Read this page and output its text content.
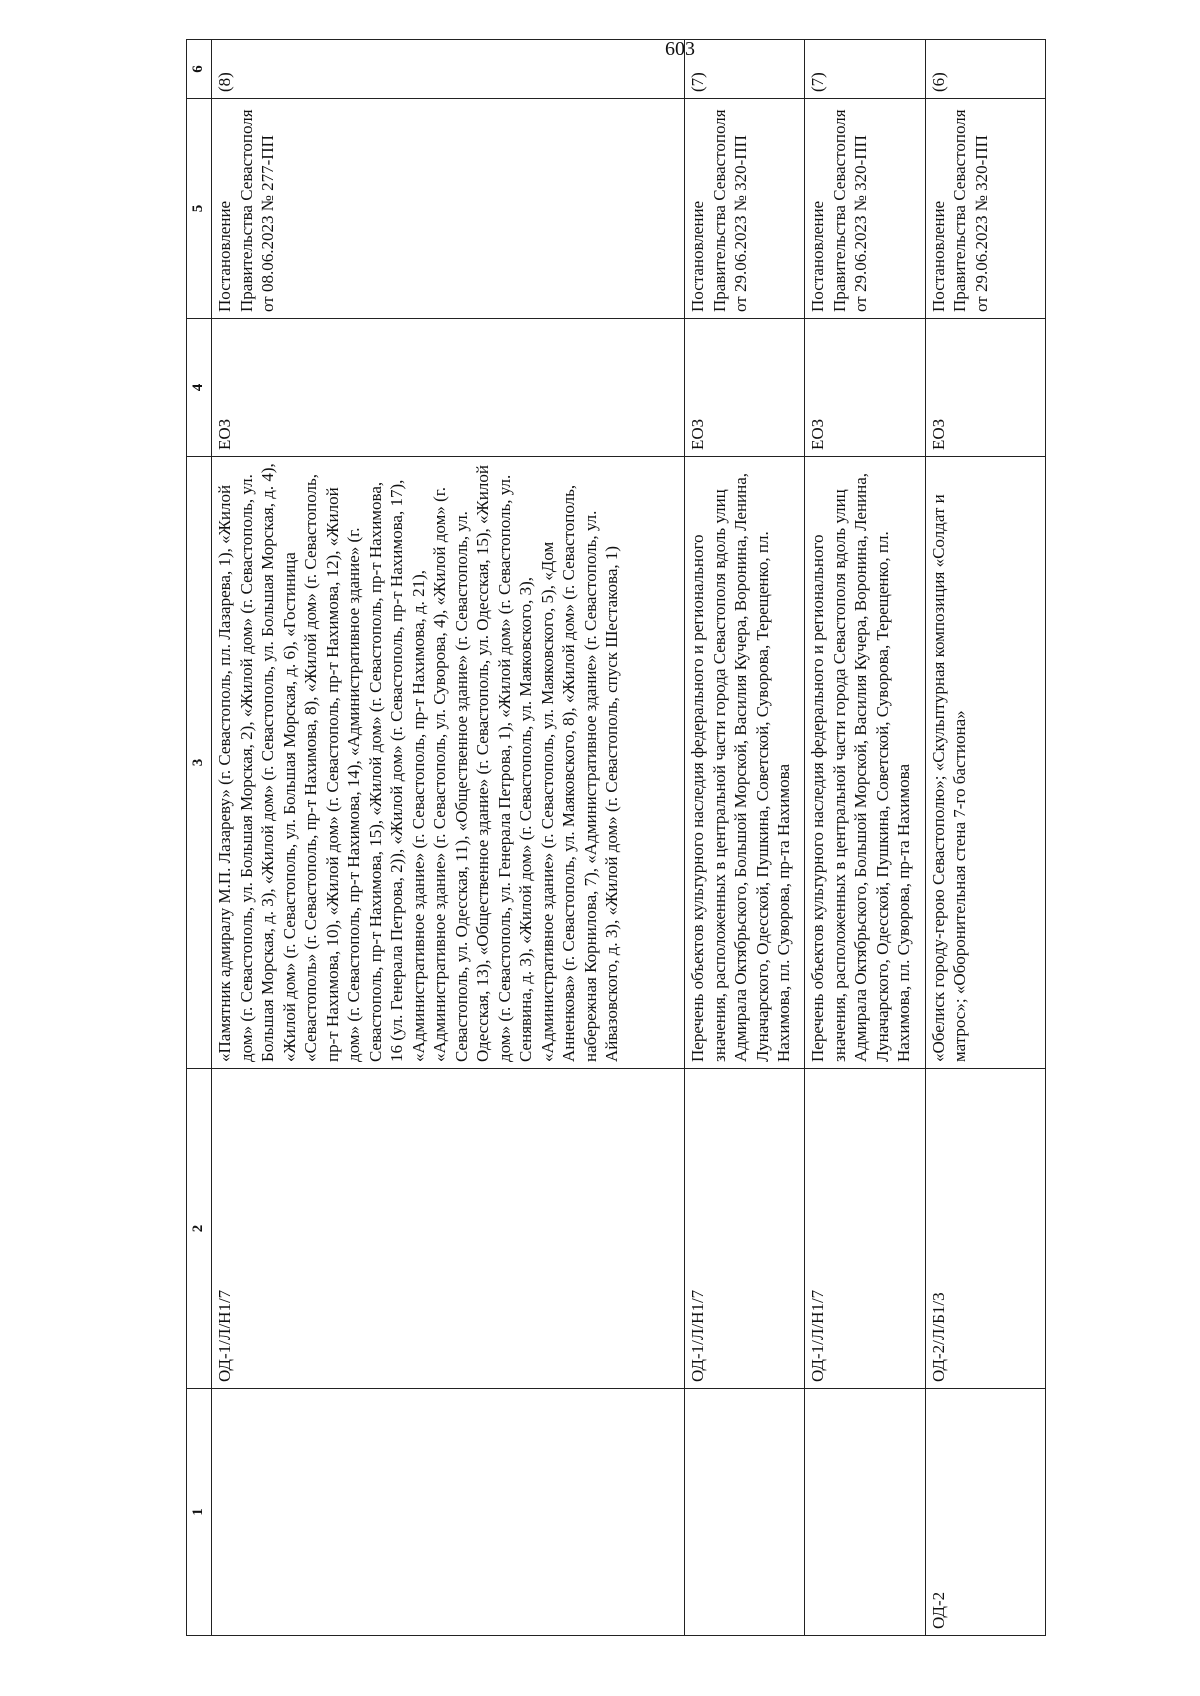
603
1	2	3	4	5	6
	ОД-1/Л/Н1/7	«Памятник адмиралу М.П. Лазареву» (г. Севастополь, пл. Лазарева, 1), «Жилой дом» (г. Севастополь, ул. Большая Морская, 2), «Жилой дом» (г. Севастополь, ул. Большая Морская, д. 3), «Жилой дом» (г. Севастополь, ул. Большая Морская, д. 4), «Жилой дом» (г. Севастополь, ул. Большая Морская, д. 6), «Гостиница «Севастополь» (г. Севастополь, пр-т Нахимова, 8), «Жилой дом» (г. Севастополь, пр-т Нахимова, 10), «Жилой дом» (г. Севастополь, пр-т Нахимова, 12), «Жилой дом» (г. Севастополь, пр-т Нахимова, 14), «Административное здание» (г. Севастополь, пр-т Нахимова, 15), «Жилой дом» (г. Севастополь, пр-т Нахимова, 16 (ул. Генерала Петрова, 2)), «Жилой дом» (г. Севастополь, пр-т Нахимова, 17), «Административное здание» (г. Севастополь, пр-т Нахимова, д. 21), «Административное здание» (г. Севастополь, ул. Суворова, 4), «Жилой дом» (г. Севастополь, ул. Одесская, 11), «Общественное здание» (г. Севастополь, ул. Одесская, 13), «Общественное здание» (г. Севастополь, ул. Одесская, 15), «Жилой дом» (г. Севастополь, ул. Генерала Петрова, 1), «Жилой дом» (г. Севастополь, ул. Сенявина, д. 3), «Жилой дом» (г. Севастополь, ул. Маяковского, 3), «Административное здание» (г. Севастополь, ул. Маяковского, 5), «Дом Анненкова» (г. Севастополь, ул. Маяковского, 8), «Жилой дом» (г. Севастополь, набережная Корнилова, 7), «Административное здание» (г. Севастополь, ул. Айвазовского, д. 3), «Жилой дом» (г. Севастополь, спуск Шестакова, 1)	ЕОЗ	Постановление Правительства Севастополя от 08.06.2023 № 277-ПП	(8)
	ОД-1/Л/Н1/7	Перечень объектов культурного наследия федерального и регионального значения, расположенных в центральной части города Севастополя вдоль улиц Адмирала Октябрьского, Большой Морской, Василия Кучера, Воронина, Ленина, Луначарского, Одесской, Пушкина, Советской, Суворова, Терещенко, пл. Нахимова, пл. Суворова, пр-та Нахимова	ЕОЗ	Постановление Правительства Севастополя от 29.06.2023 № 320-ПП	(7)
	ОД-1/Л/Н1/7	Перечень объектов культурного наследия федерального и регионального значения, расположенных в центральной части города Севастополя вдоль улиц Адмирала Октябрьского, Большой Морской, Василия Кучера, Воронина, Ленина, Луначарского, Одесской, Пушкина, Советской, Суворова, Терещенко, пл. Нахимова, пл. Суворова, пр-та Нахимова	ЕОЗ	Постановление Правительства Севастополя от 29.06.2023 № 320-ПП	(7)
ОД-2	ОД-2/Л/Б1/3	«Обелиск городу-герою Севастополю»; «Скульптурная композиция «Солдат и матрос»; «Оборонительная стена 7-го бастиона»	ЕОЗ	Постановление Правительства Севастополя от 29.06.2023 № 320-ПП	(6)
